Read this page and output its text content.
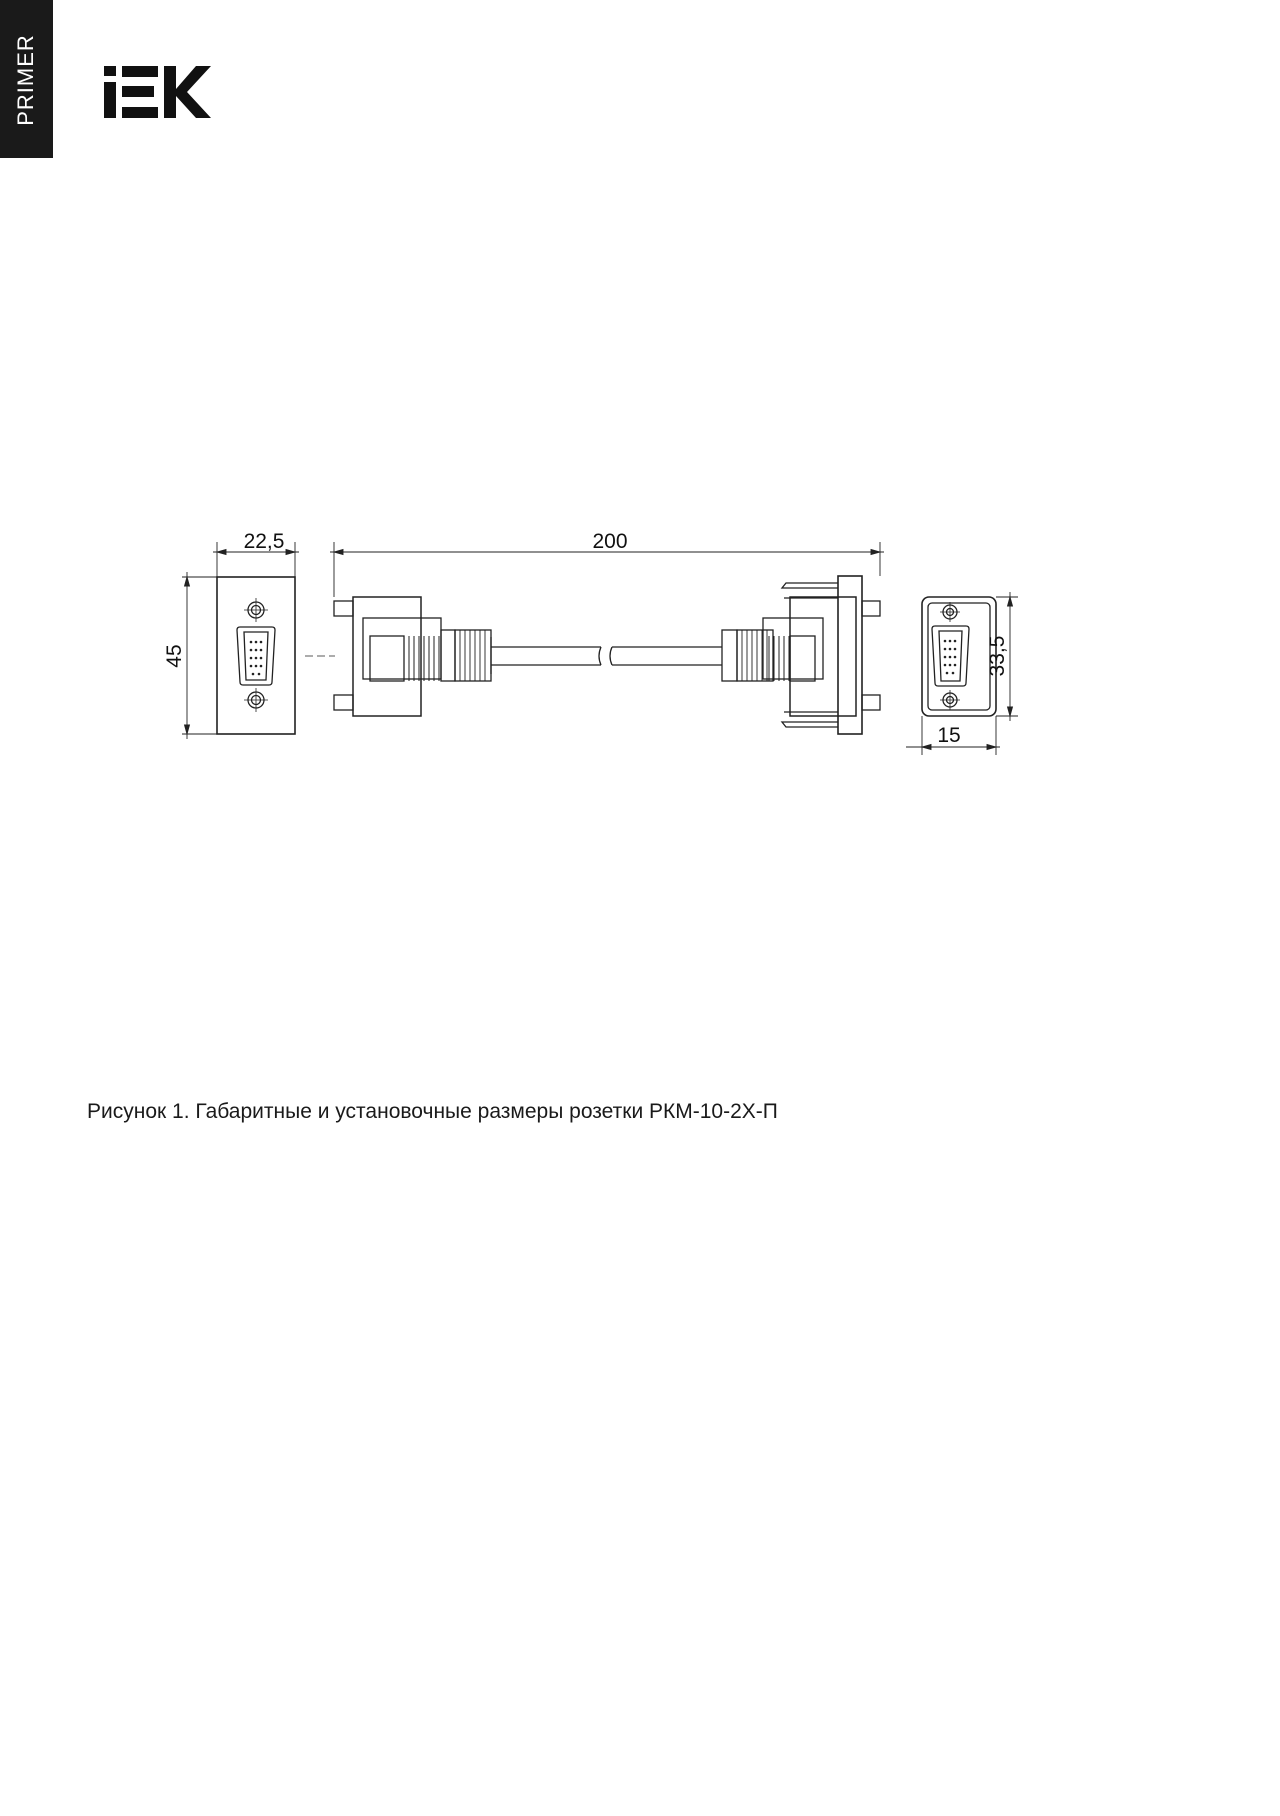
PRIMER
22,5	200
45	33,5
15
Рисунок 1. Габаритные и установочные размеры розетки РКМ-10-2Х-П
